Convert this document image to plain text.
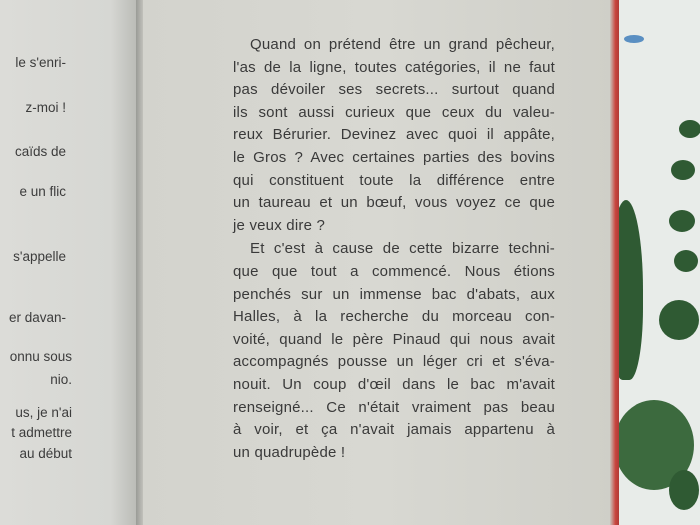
le s'enri-
z-moi !
caïds de
e un flic
s'appelle
er davan-
onnu sous
nio.
us, je n'ai
t admettre
au début
Quand on prétend être un grand pêcheur,
l'as de la ligne, toutes catégories, il ne faut
pas dévoiler ses secrets... surtout quand
ils sont aussi curieux que ceux du valeu-
reux Bérurier. Devinez avec quoi il appâte,
le Gros ? Avec certaines parties des bovins
qui constituent toute la différence entre
un taureau et un bœuf, vous voyez ce que
je veux dire ?
Et c'est à cause de cette bizarre techni-
que que tout a commencé. Nous étions
penchés sur un immense bac d'abats, aux
Halles, à la recherche du morceau con-
voité, quand le père Pinaud qui nous avait
accompagnés pousse un léger cri et s'éva-
nouit. Un coup d'œil dans le bac m'avait
renseigné... Ce n'était vraiment pas beau
à voir, et ça n'avait jamais appartenu à
un quadrupède !
